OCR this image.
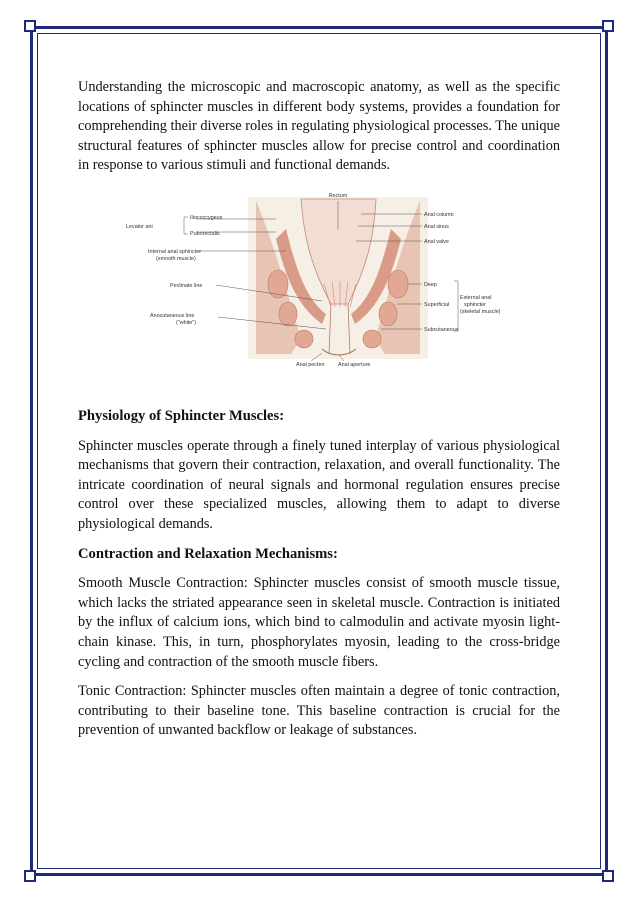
Understanding the microscopic and macroscopic anatomy, as well as the specific locations of sphincter muscles in different body systems, provides a foundation for comprehending their diverse roles in regulating physiological processes. The unique structural features of sphincter muscles allow for precise control and coordination in response to various stimuli and functional demands.

Rectum
Levator ani
Iliococcygeus
Puborectalis
Internal anal sphincter
(smooth muscle)
Pectinate line
Anocutaneous line
("white")
Anal column
Anal sinus
Anal valve
Deep
Superficial
Subcutaneous
External anal
sphincter
(skeletal muscle)
Anal pecten	Anal aperture
Physiology of Sphincter Muscles:

Sphincter muscles operate through a finely tuned interplay of various physiological mechanisms that govern their contraction, relaxation, and overall functionality. The intricate coordination of neural signals and hormonal regulation ensures precise control over these specialized muscles, allowing them to adapt to diverse physiological demands.

Contraction and Relaxation Mechanisms:

Smooth Muscle Contraction: Sphincter muscles consist of smooth muscle tissue, which lacks the striated appearance seen in skeletal muscle. Contraction is initiated by the influx of calcium ions, which bind to calmodulin and activate myosin light-chain kinase. This, in turn, phosphorylates myosin, leading to the cross-bridge cycling and contraction of the smooth muscle fibers.

Tonic Contraction: Sphincter muscles often maintain a degree of tonic contraction, contributing to their baseline tone. This baseline contraction is crucial for the prevention of unwanted backflow or leakage of substances.
